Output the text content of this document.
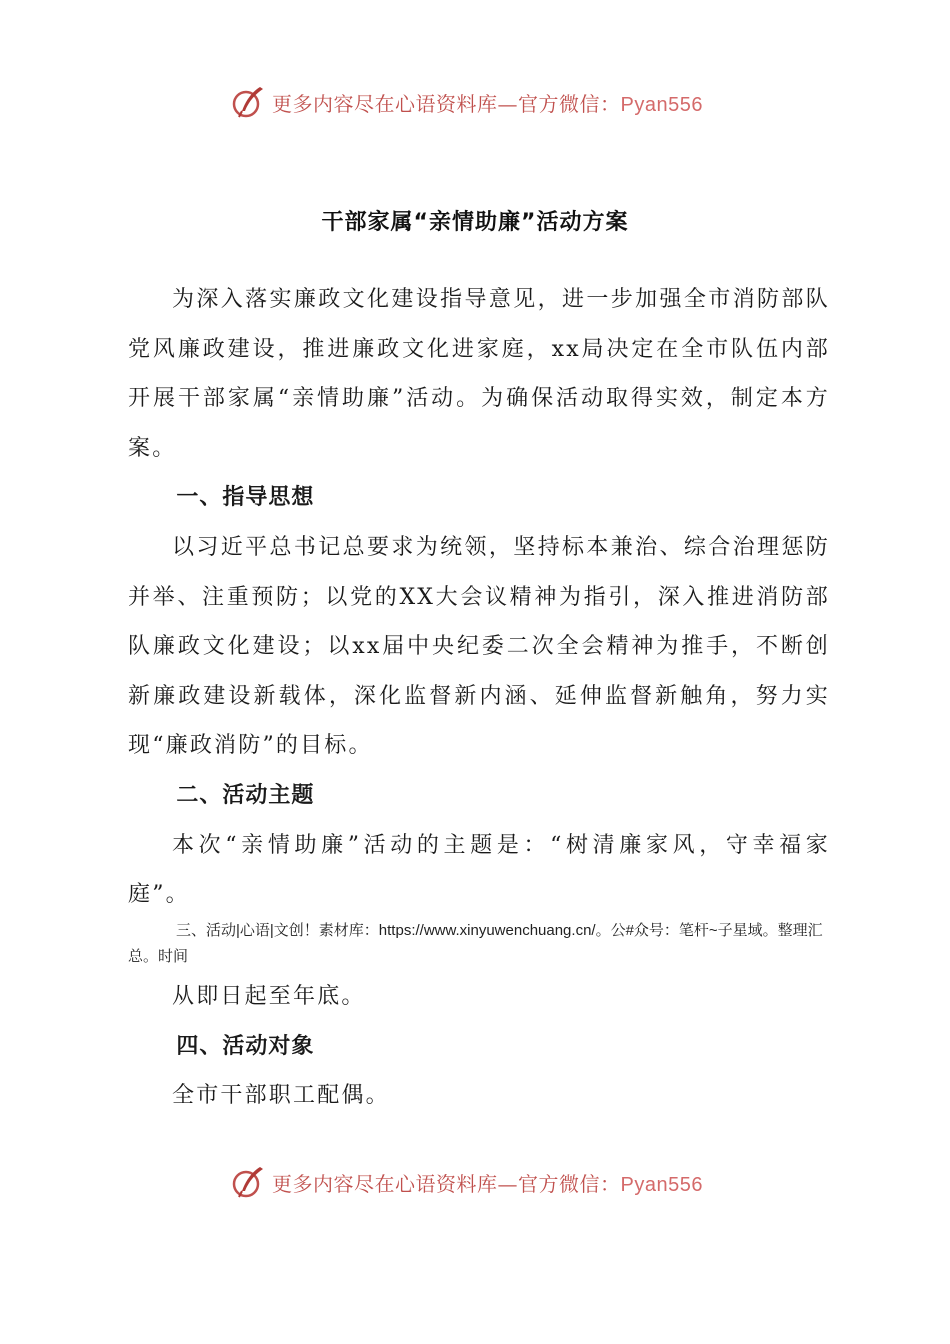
更多内容尽在心语资料库—官方微信：Pyan556
干部家属“亲情助廉”活动方案

为深入落实廉政文化建设指导意见，进一步加强全市消防部队党风廉政建设，推进廉政文化进家庭，xx局决定在全市队伍内部开展干部家属“亲情助廉”活动。为确保活动取得实效，制定本方案。

一、指导思想

以习近平总书记总要求为统领，坚持标本兼治、综合治理惩防并举、注重预防；以党的XX大会议精神为指引，深入推进消防部队廉政文化建设；以xx届中央纪委二次全会精神为推手，不断创新廉政建设新载体，深化监督新内涵、延伸监督新触角，努力实现“廉政消防”的目标。

二、活动主题

本次“亲情助廉”活动的主题是：“树清廉家风，守幸福家庭”。

三、活动|心语|文创！素材库：https://www.xinyuwenchuang.cn/。公#众号：笔杆~子星域。整理汇总。时间

从即日起至年底。

四、活动对象

全市干部职工配偶。

更多内容尽在心语资料库—官方微信：Pyan556
